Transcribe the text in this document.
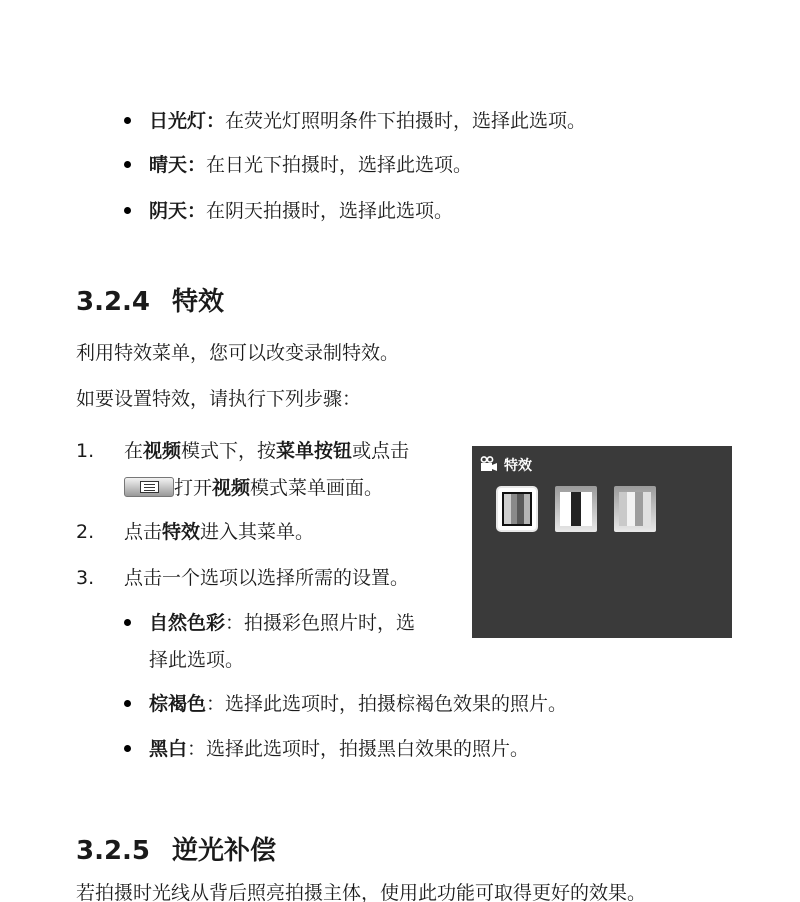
日光灯：在荧光灯照明条件下拍摄时，选择此选项。
晴天：在日光下拍摄时，选择此选项。
阴天：在阴天拍摄时，选择此选项。
3.2.4 特效
利用特效菜单，您可以改变录制特效。
如要设置特效，请执行下列步骤：
1. 在视频模式下，按菜单按钮或点击
打开视频模式菜单画面。
2. 点击特效进入其菜单。
3. 点击一个选项以选择所需的设置。
自然色彩：拍摄彩色照片时，选
择此选项。
棕褐色：选择此选项时，拍摄棕褐色效果的照片。
黑白：选择此选项时，拍摄黑白效果的照片。
特效
3.2.5 逆光补偿
若拍摄时光线从背后照亮拍摄主体，使用此功能可取得更好的效果。
